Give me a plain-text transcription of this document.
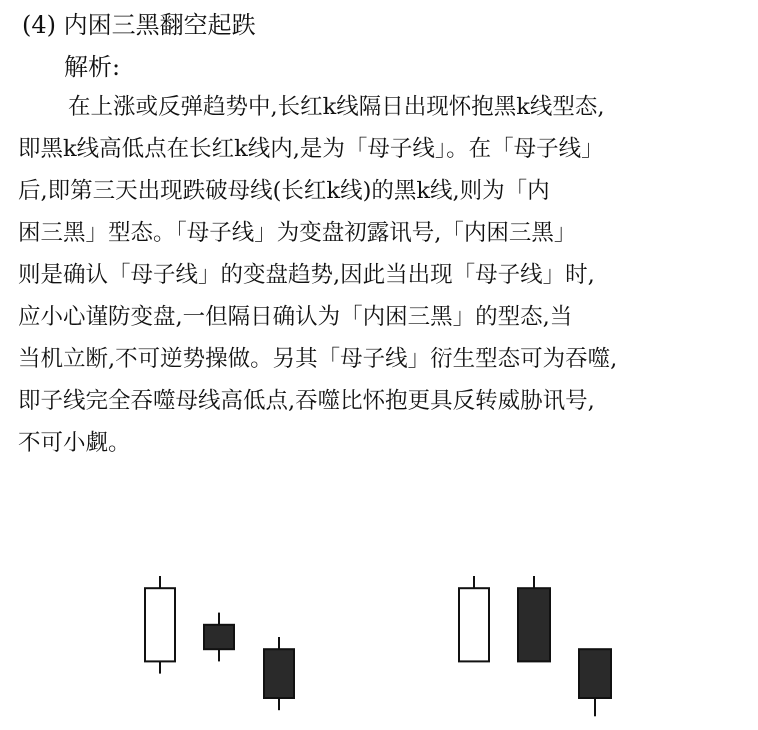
(4) 内困三黑翻空起跌
解析:
在上涨或反弹趋势中,长红k线隔日出现怀抱黑k线型态,
即黑k线高低点在长红k线内,是为「母子线」。在「母子线」
后,即第三天出现跌破母线(长红k线)的黑k线,则为「内
困三黑」型态。「母子线」为变盘初露讯号,「内困三黑」
则是确认「母子线」的变盘趋势,因此当出现「母子线」时,
应小心谨防变盘,一但隔日确认为「内困三黑」的型态,当
当机立断,不可逆势操做。另其「母子线」衍生型态可为吞噬,
即子线完全吞噬母线高低点,吞噬比怀抱更具反转威胁讯号,
不可小觑。
